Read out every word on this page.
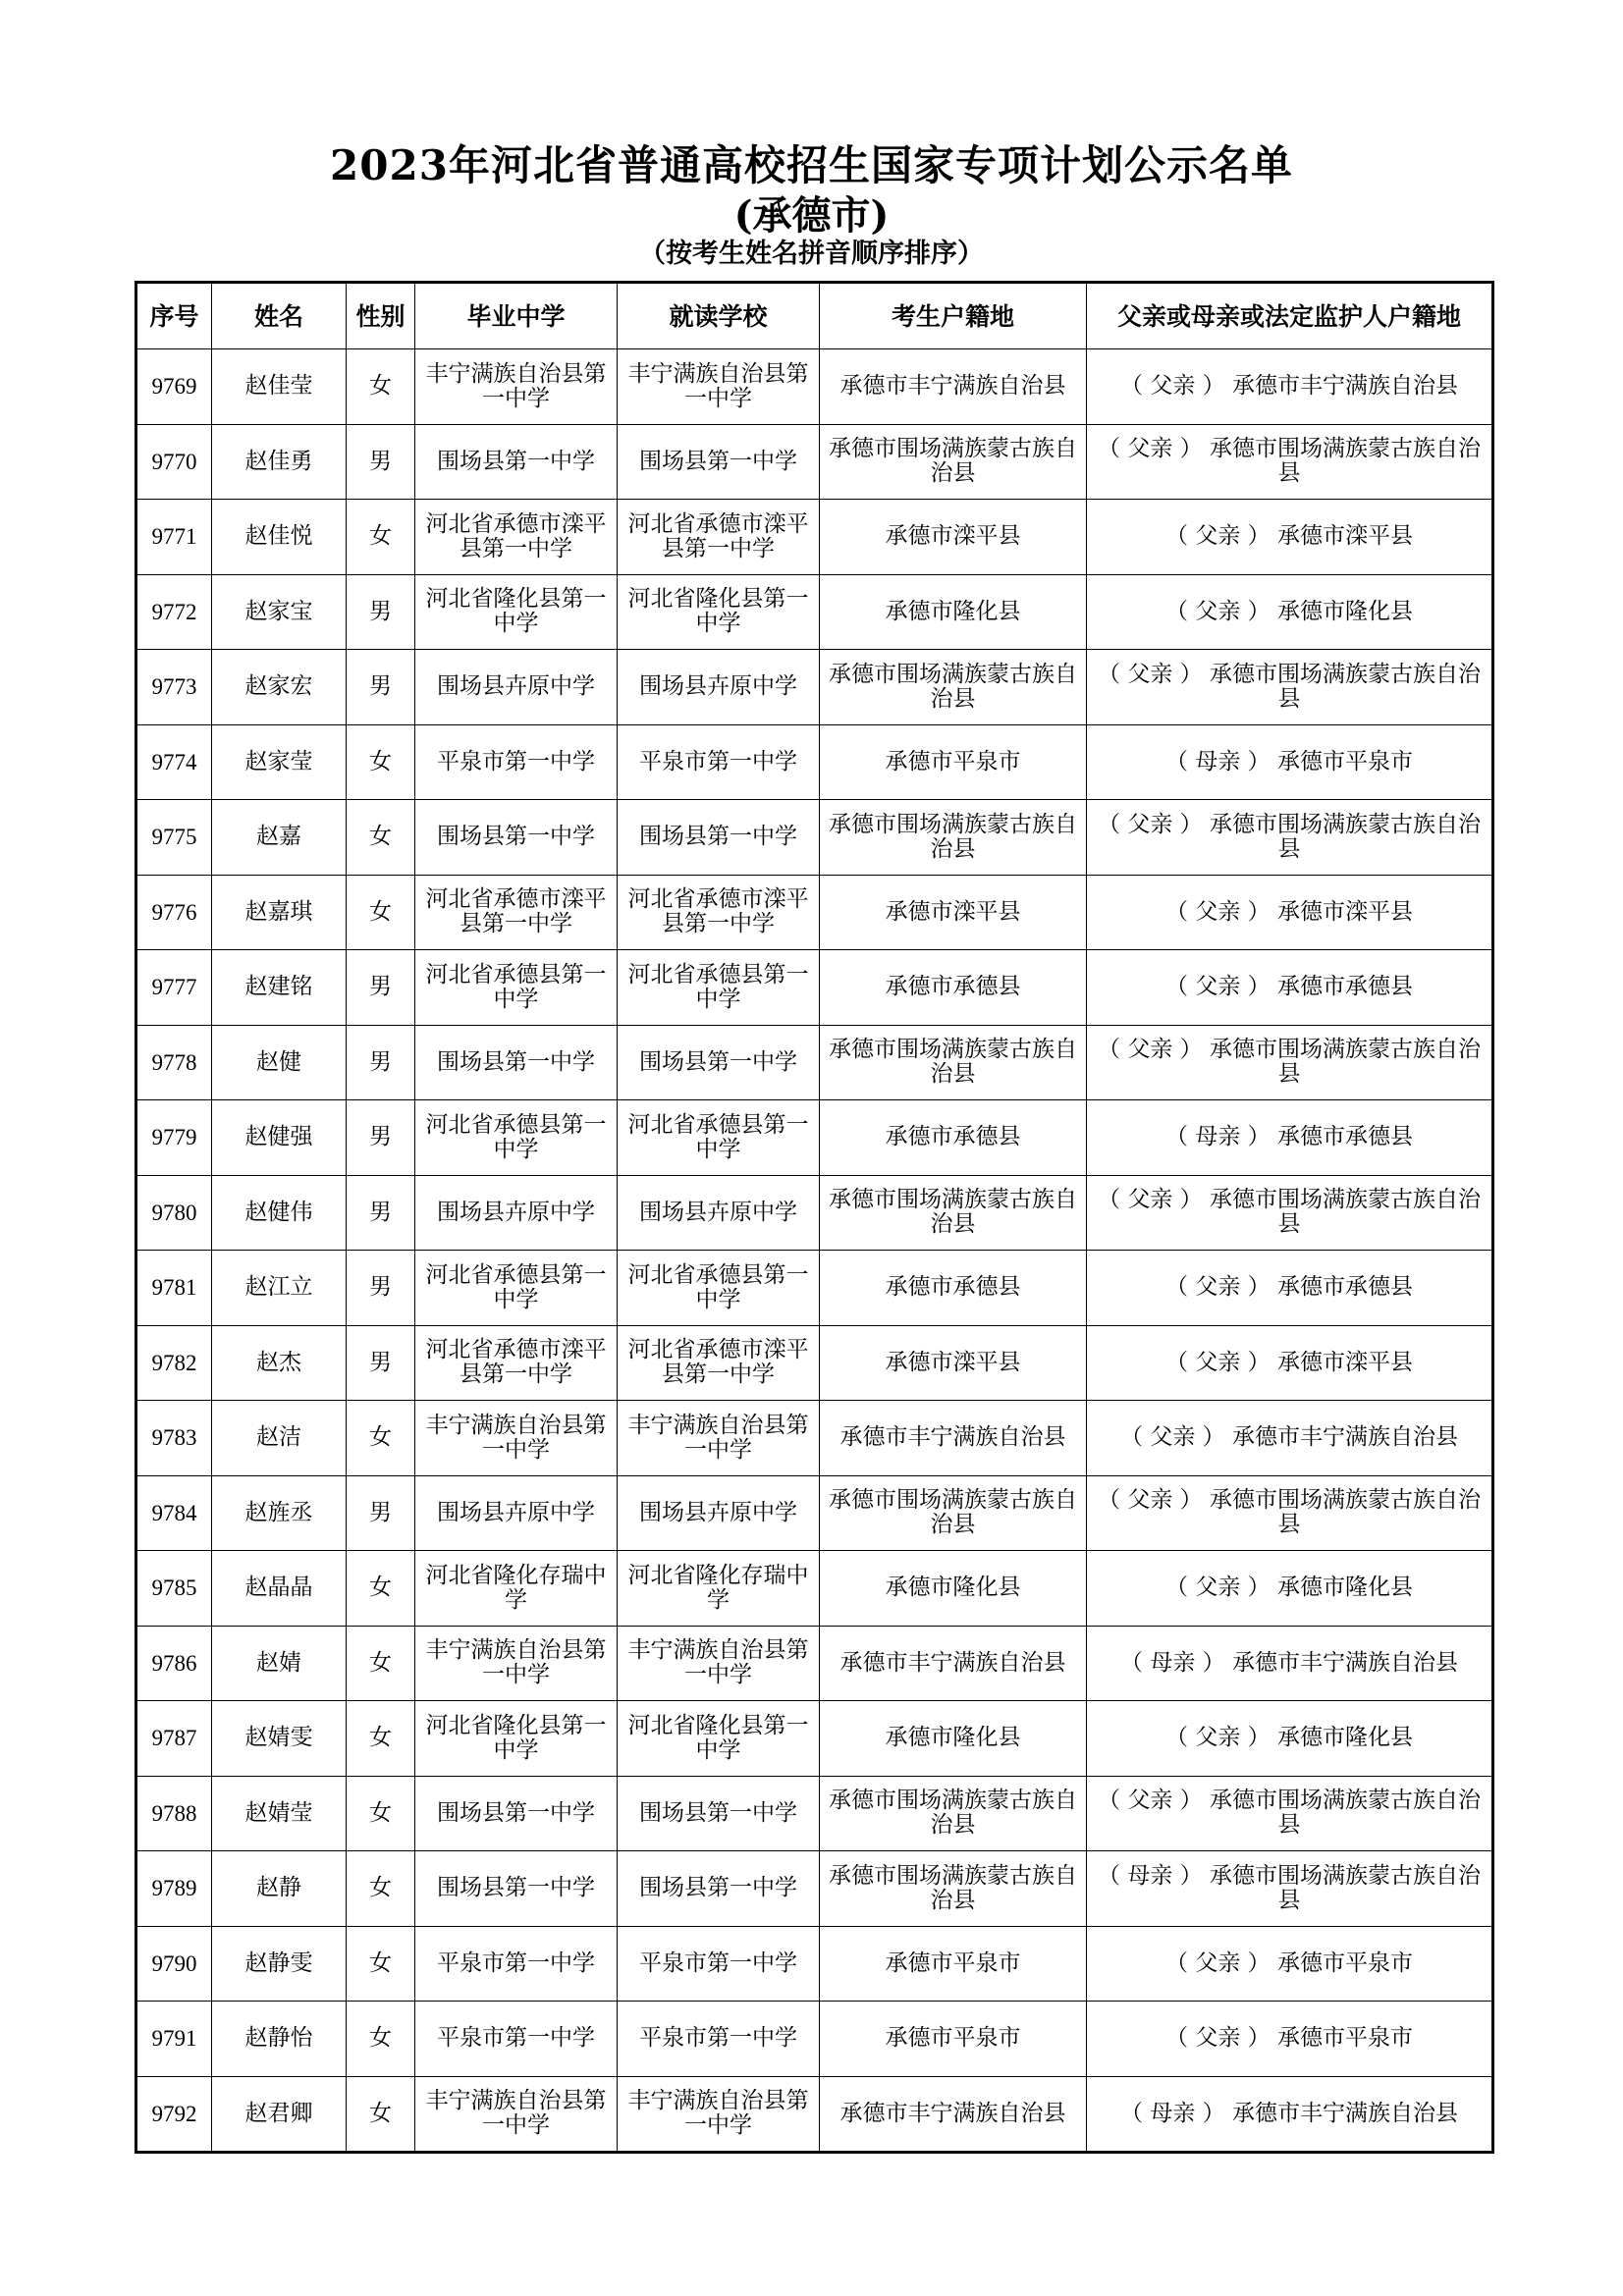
2023年河北省普通高校招生国家专项计划公示名单
(承德市)
（按考生姓名拼音顺序排序）
序号	姓名	性别	毕业中学	就读学校	考生户籍地	父亲或母亲或法定监护人户籍地
9769	赵佳莹	女	丰宁满族自治县第一中学	丰宁满族自治县第一中学	承德市丰宁满族自治县	（ 父亲 ） 承德市丰宁满族自治县
9770	赵佳勇	男	围场县第一中学	围场县第一中学	承德市围场满族蒙古族自治县	（ 父亲 ） 承德市围场满族蒙古族自治县
9771	赵佳悦	女	河北省承德市滦平县第一中学	河北省承德市滦平县第一中学	承德市滦平县	（ 父亲 ） 承德市滦平县
9772	赵家宝	男	河北省隆化县第一中学	河北省隆化县第一中学	承德市隆化县	（ 父亲 ） 承德市隆化县
9773	赵家宏	男	围场县卉原中学	围场县卉原中学	承德市围场满族蒙古族自治县	（ 父亲 ） 承德市围场满族蒙古族自治县
9774	赵家莹	女	平泉市第一中学	平泉市第一中学	承德市平泉市	（ 母亲 ） 承德市平泉市
9775	赵嘉	女	围场县第一中学	围场县第一中学	承德市围场满族蒙古族自治县	（ 父亲 ） 承德市围场满族蒙古族自治县
9776	赵嘉琪	女	河北省承德市滦平县第一中学	河北省承德市滦平县第一中学	承德市滦平县	（ 父亲 ） 承德市滦平县
9777	赵建铭	男	河北省承德县第一中学	河北省承德县第一中学	承德市承德县	（ 父亲 ） 承德市承德县
9778	赵健	男	围场县第一中学	围场县第一中学	承德市围场满族蒙古族自治县	（ 父亲 ） 承德市围场满族蒙古族自治县
9779	赵健强	男	河北省承德县第一中学	河北省承德县第一中学	承德市承德县	（ 母亲 ） 承德市承德县
9780	赵健伟	男	围场县卉原中学	围场县卉原中学	承德市围场满族蒙古族自治县	（ 父亲 ） 承德市围场满族蒙古族自治县
9781	赵江立	男	河北省承德县第一中学	河北省承德县第一中学	承德市承德县	（ 父亲 ） 承德市承德县
9782	赵杰	男	河北省承德市滦平县第一中学	河北省承德市滦平县第一中学	承德市滦平县	（ 父亲 ） 承德市滦平县
9783	赵洁	女	丰宁满族自治县第一中学	丰宁满族自治县第一中学	承德市丰宁满族自治县	（ 父亲 ） 承德市丰宁满族自治县
9784	赵旌丞	男	围场县卉原中学	围场县卉原中学	承德市围场满族蒙古族自治县	（ 父亲 ） 承德市围场满族蒙古族自治县
9785	赵晶晶	女	河北省隆化存瑞中学	河北省隆化存瑞中学	承德市隆化县	（ 父亲 ） 承德市隆化县
9786	赵婧	女	丰宁满族自治县第一中学	丰宁满族自治县第一中学	承德市丰宁满族自治县	（ 母亲 ） 承德市丰宁满族自治县
9787	赵婧雯	女	河北省隆化县第一中学	河北省隆化县第一中学	承德市隆化县	（ 父亲 ） 承德市隆化县
9788	赵婧莹	女	围场县第一中学	围场县第一中学	承德市围场满族蒙古族自治县	（ 父亲 ） 承德市围场满族蒙古族自治县
9789	赵静	女	围场县第一中学	围场县第一中学	承德市围场满族蒙古族自治县	（ 母亲 ） 承德市围场满族蒙古族自治县
9790	赵静雯	女	平泉市第一中学	平泉市第一中学	承德市平泉市	（ 父亲 ） 承德市平泉市
9791	赵静怡	女	平泉市第一中学	平泉市第一中学	承德市平泉市	（ 父亲 ） 承德市平泉市
9792	赵君卿	女	丰宁满族自治县第一中学	丰宁满族自治县第一中学	承德市丰宁满族自治县	（ 母亲 ） 承德市丰宁满族自治县
